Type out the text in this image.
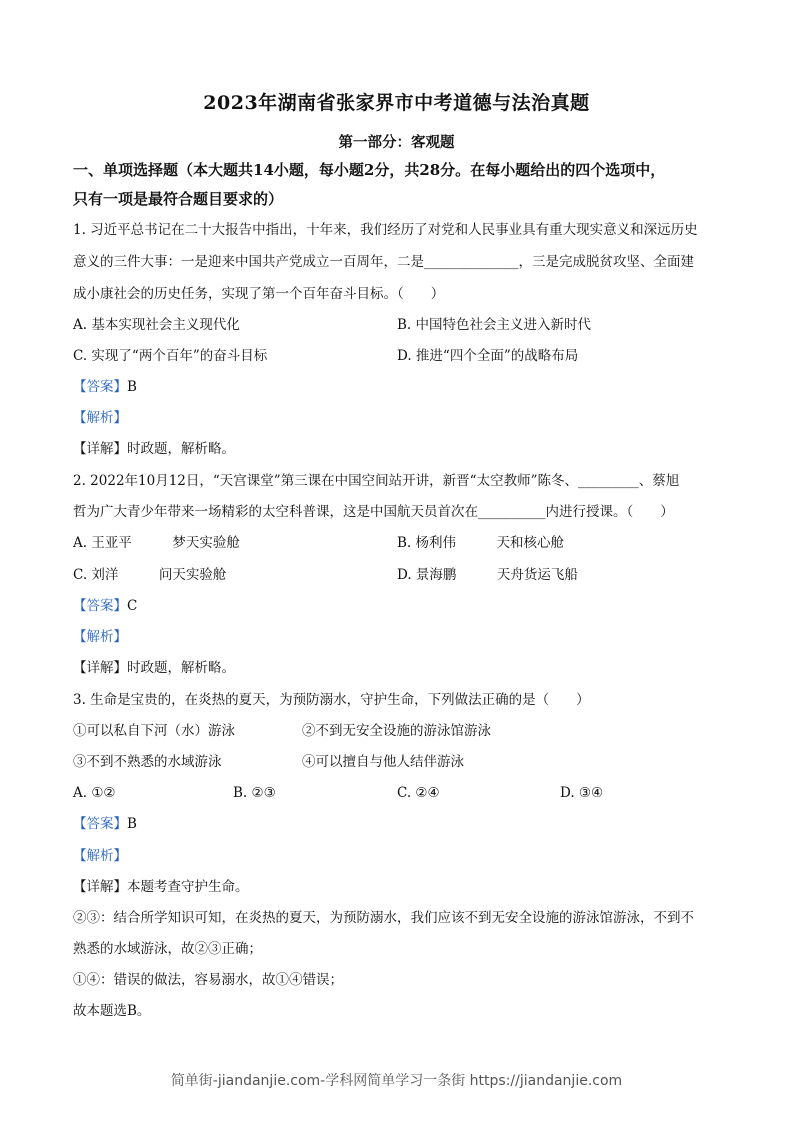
2023年湖南省张家界市中考道德与法治真题
第一部分：客观题
一、单项选择题（本大题共14小题，每小题2分，共28分。在每小题给出的四个选项中，
只有一项是最符合题目要求的）
1. 习近平总书记在二十大报告中指出，十年来，我们经历了对党和人民事业具有重大现实意义和深远历史
意义的三件大事：一是迎来中国共产党成立一百周年，二是______________，三是完成脱贫攻坚、全面建
成小康社会的历史任务，实现了第一个百年奋斗目标。（　　）
A. 基本实现社会主义现代化	B. 中国特色社会主义进入新时代
C. 实现了“两个百年”的奋斗目标	D. 推进“四个全面”的战略布局
【答案】B
【解析】
【详解】时政题，解析略。
2. 2022年10月12日，“天宫课堂”第三课在中国空间站开讲，新晋“太空教师”陈冬、_________、蔡旭
哲为广大青少年带来一场精彩的太空科普课，这是中国航天员首次在__________内进行授课。（　　）
A. 王亚平　　　梦天实验舱	B. 杨利伟　　　天和核心舱
C. 刘洋　　　问天实验舱	D. 景海鹏　　　天舟货运飞船
【答案】C
【解析】
【详解】时政题，解析略。
3. 生命是宝贵的，在炎热的夏天，为预防溺水，守护生命，下列做法正确的是（　　）
①可以私自下河（水）游泳	②不到无安全设施的游泳馆游泳
③不到不熟悉的水域游泳	④可以擅自与他人结伴游泳
A. ①②	B. ②③	C. ②④	D. ③④
【答案】B
【解析】
【详解】本题考查守护生命。
②③：结合所学知识可知，在炎热的夏天，为预防溺水，我们应该不到无安全设施的游泳馆游泳，不到不
熟悉的水域游泳，故②③正确；
①④：错误的做法，容易溺水，故①④错误；
故本题选B。
简单街-jiandanjie.com-学科网简单学习一条街 https://jiandanjie.com
